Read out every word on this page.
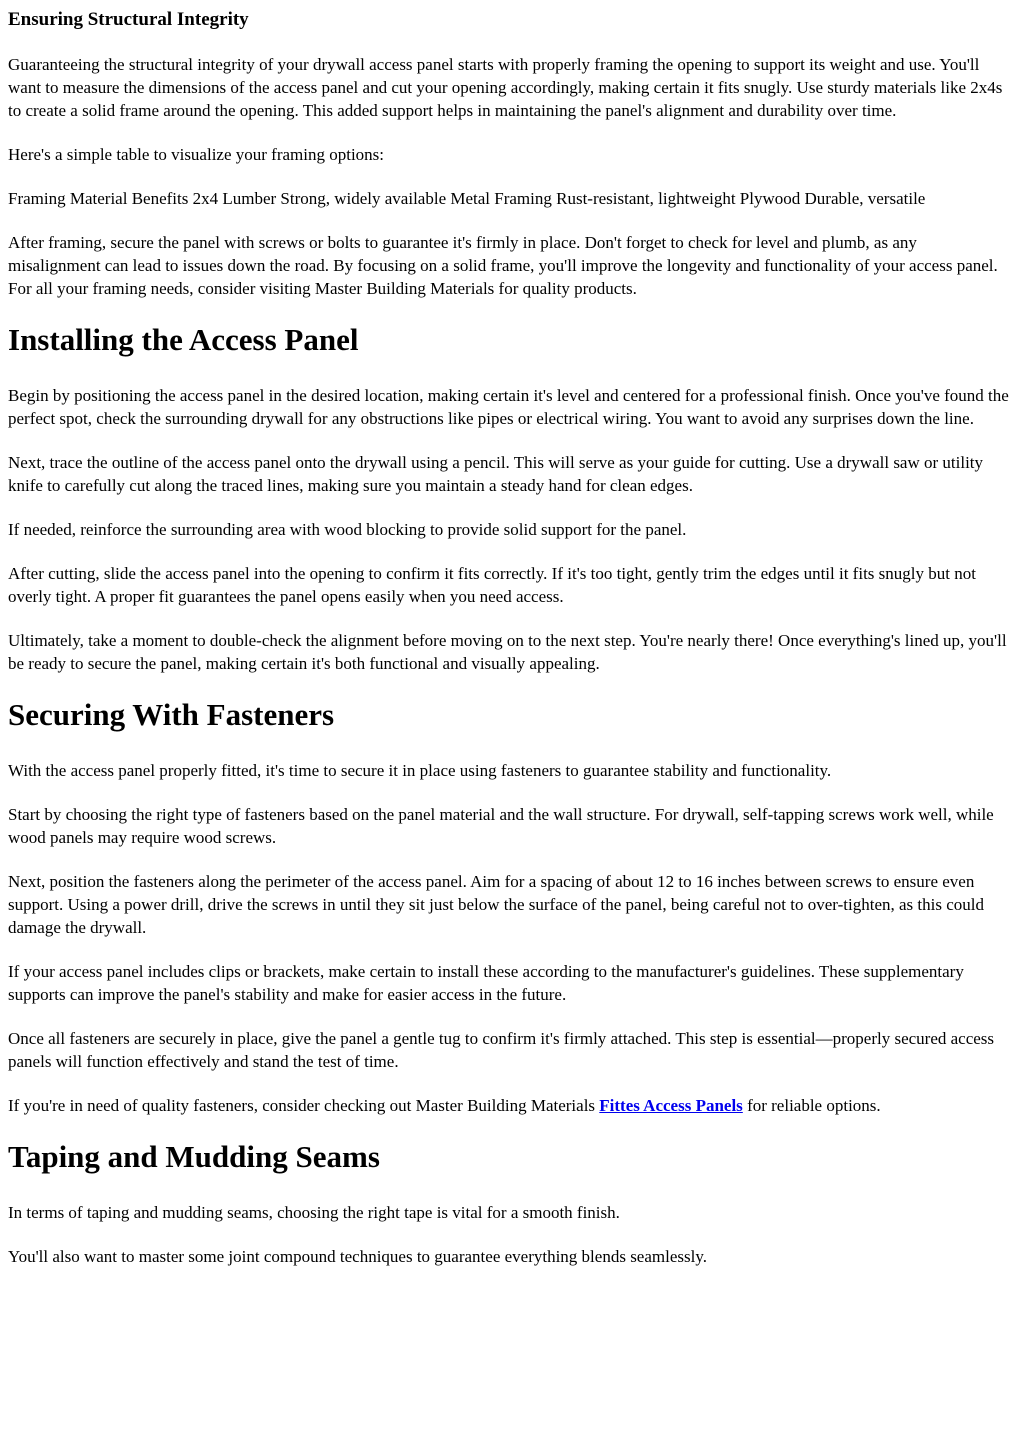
Ensuring Structural Integrity

Guaranteeing the structural integrity of your drywall access panel starts with properly framing the opening to support its weight and use. You'll want to measure the dimensions of the access panel and cut your opening accordingly, making certain it fits snugly. Use sturdy materials like 2x4s to create a solid frame around the opening. This added support helps in maintaining the panel's alignment and durability over time.

Here's a simple table to visualize your framing options:

Framing Material Benefits 2x4 Lumber Strong, widely available Metal Framing Rust-resistant, lightweight Plywood Durable, versatile

After framing, secure the panel with screws or bolts to guarantee it's firmly in place. Don't forget to check for level and plumb, as any misalignment can lead to issues down the road. By focusing on a solid frame, you'll improve the longevity and functionality of your access panel. For all your framing needs, consider visiting Master Building Materials for quality products.

Installing the Access Panel

Begin by positioning the access panel in the desired location, making certain it's level and centered for a professional finish. Once you've found the perfect spot, check the surrounding drywall for any obstructions like pipes or electrical wiring. You want to avoid any surprises down the line.

Next, trace the outline of the access panel onto the drywall using a pencil. This will serve as your guide for cutting. Use a drywall saw or utility knife to carefully cut along the traced lines, making sure you maintain a steady hand for clean edges.

If needed, reinforce the surrounding area with wood blocking to provide solid support for the panel.

After cutting, slide the access panel into the opening to confirm it fits correctly. If it's too tight, gently trim the edges until it fits snugly but not overly tight. A proper fit guarantees the panel opens easily when you need access.

Ultimately, take a moment to double-check the alignment before moving on to the next step. You're nearly there! Once everything's lined up, you'll be ready to secure the panel, making certain it's both functional and visually appealing.

Securing With Fasteners

With the access panel properly fitted, it's time to secure it in place using fasteners to guarantee stability and functionality.

Start by choosing the right type of fasteners based on the panel material and the wall structure. For drywall, self-tapping screws work well, while wood panels may require wood screws.

Next, position the fasteners along the perimeter of the access panel. Aim for a spacing of about 12 to 16 inches between screws to ensure even support. Using a power drill, drive the screws in until they sit just below the surface of the panel, being careful not to over-tighten, as this could damage the drywall.

If your access panel includes clips or brackets, make certain to install these according to the manufacturer's guidelines. These supplementary supports can improve the panel's stability and make for easier access in the future.

Once all fasteners are securely in place, give the panel a gentle tug to confirm it's firmly attached. This step is essential—properly secured access panels will function effectively and stand the test of time.

If you're in need of quality fasteners, consider checking out Master Building Materials Fittes Access Panels for reliable options.

Taping and Mudding Seams

In terms of taping and mudding seams, choosing the right tape is vital for a smooth finish.

You'll also want to master some joint compound techniques to guarantee everything blends seamlessly.
